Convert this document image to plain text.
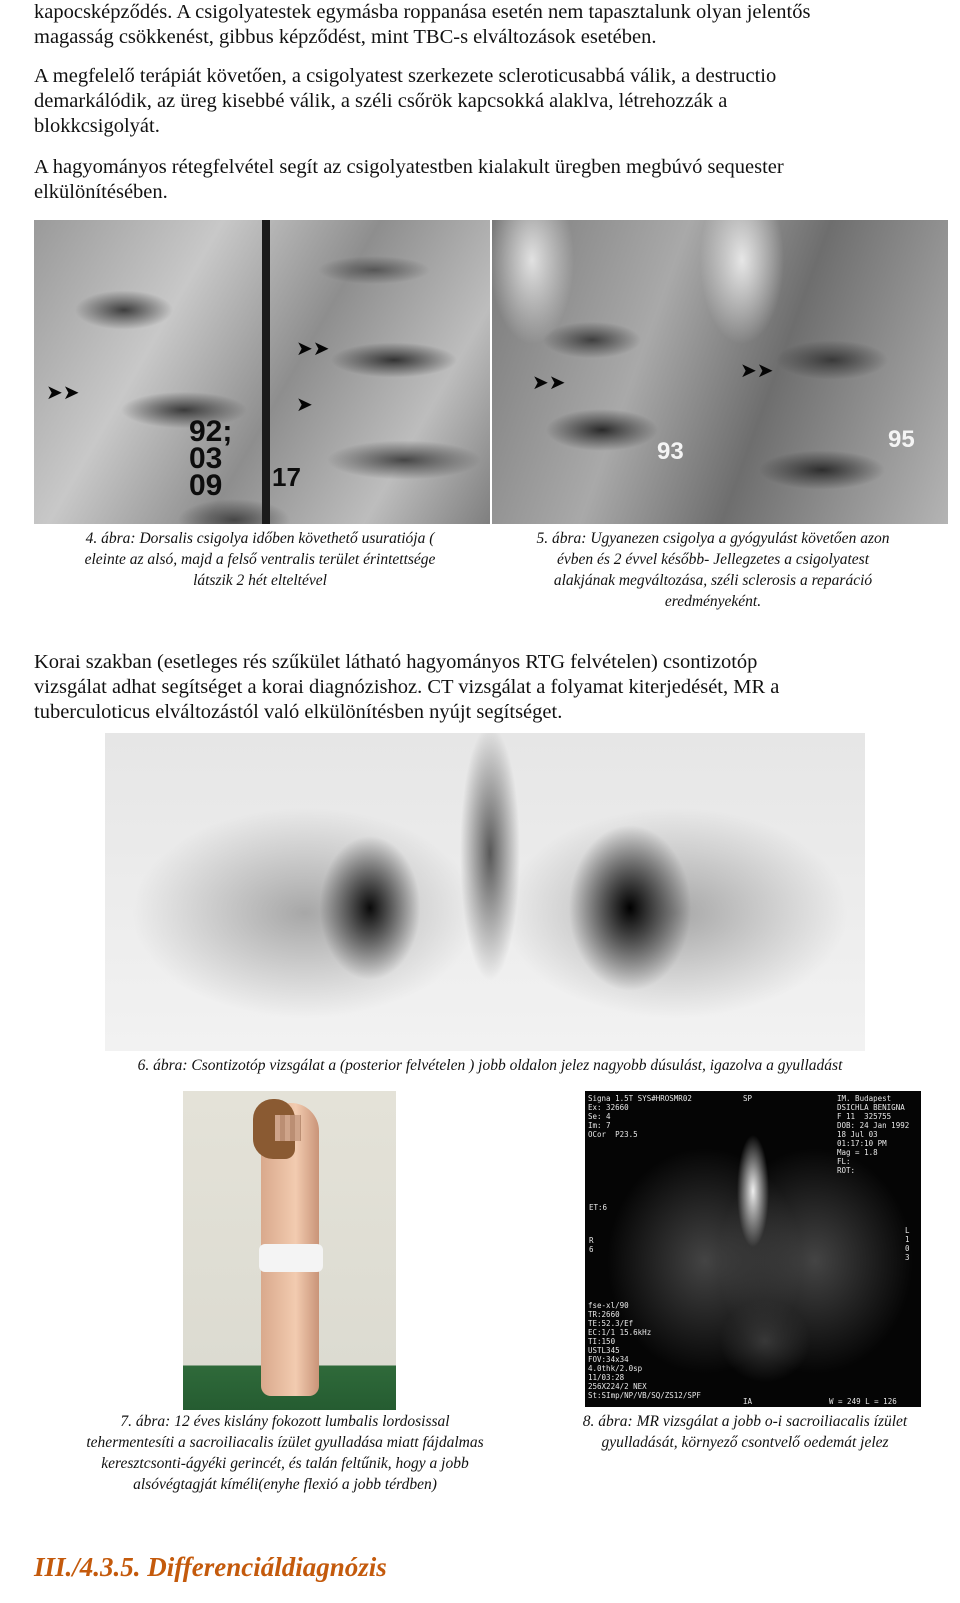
kapocsképződés. A csigolyatestek egymásba roppanása esetén nem tapasztalunk olyan jelentős
magasság csökkenést, gibbus képződést, mint TBC-s elváltozások esetében.
A megfelelő terápiát követően, a csigolyatest szerkezete scleroticusabbá válik, a destructio
demarkálódik, az üreg kisebbé válik, a széli csőrök kapcsokká alaklva, létrehozzák a
blokkcsigolyát.
A hagyományos rétegfelvétel segít az csigolyatestben kialakult üregben megbúvó sequester
elkülönítésében.
➤➤
➤➤
➤
92;
03
09	17
➤➤	➤➤
93	95
4. ábra: Dorsalis csigolya időben követhető usuratiója (
eleinte az alsó, majd a felső ventralis terület érintettsége
látszik 2 hét elteltével
5. ábra: Ugyanezen csigolya a gyógyulást követően azon
évben és 2 évvel később- Jellegzetes a csigolyatest
alakjának megváltozása, széli sclerosis a reparáció
eredményeként.
Korai szakban (esetleges rés szűkület látható hagyományos RTG felvételen) csontizotóp
vizsgálat adhat segítséget a korai diagnózishoz. CT vizsgálat a folyamat kiterjedését, MR a
tuberculoticus elváltozástól való elkülönítésben nyújt segítséget.
6. ábra: Csontizotóp vizsgálat a (posterior felvételen ) jobb oldalon jelez nagyobb dúsulást, igazolva a gyulladást
Signa 1.5T SYS#HROSMR02
Ex: 32660
Se: 4
Im: 7
OCor  P23.5
SP	IM. Budapest
DSICHLA BENIGNA
F 11  325755
DOB: 24 Jan 1992
18 Jul 03
01:17:10 PM
Mag = 1.8
FL:
ROT:
ET:6
R
6
L
1
0
3
fse-xl/90
TR:2660
TE:52.3/Ef
EC:1/1 15.6kHz
TI:150
USTL345
FOV:34x34
4.0thk/2.0sp
11/03:28
256X224/2 NEX
St:SImp/NP/VB/SQ/ZS12/SPF
IA	W = 249 L = 126
7. ábra: 12 éves kislány fokozott lumbalis lordosissal
tehermentesíti a sacroiliacalis ízület gyulladása miatt fájdalmas
keresztcsonti-ágyéki gerincét, és talán feltűnik, hogy a jobb
alsóvégtagját kíméli(enyhe flexió a jobb térdben)
8. ábra: MR vizsgálat a jobb o-i sacroiliacalis ízület
gyulladását, környező csontvelő oedemát jelez
III./4.3.5. Differenciáldiagnózis
